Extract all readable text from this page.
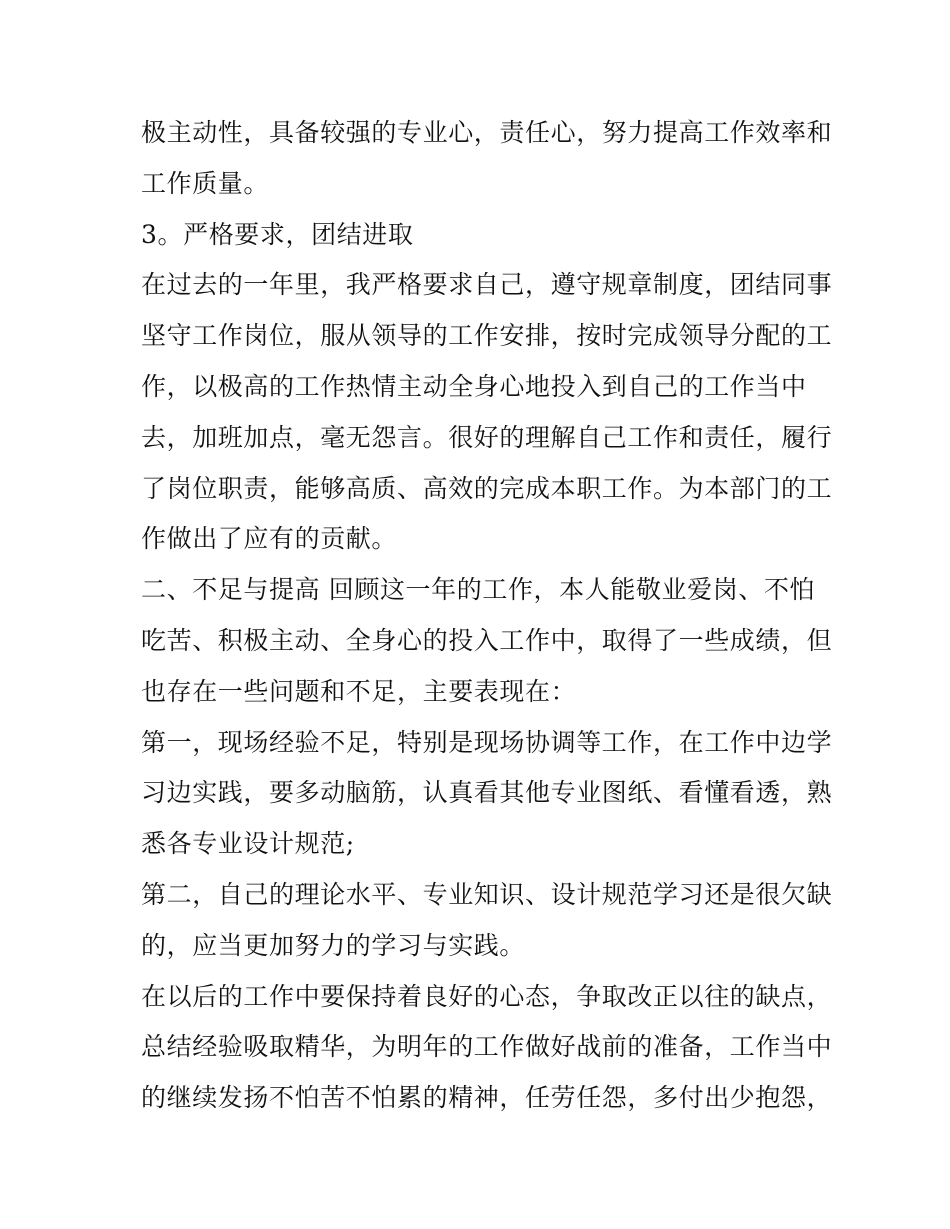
极主动性，具备较强的专业心，责任心，努力提高工作效率和
工作质量。
3。严格要求，团结进取
在过去的一年里，我严格要求自己，遵守规章制度，团结同事
坚守工作岗位，服从领导的工作安排，按时完成领导分配的工
作，以极高的工作热情主动全身心地投入到自己的工作当中
去，加班加点，毫无怨言。很好的理解自己工作和责任，履行
了岗位职责，能够高质、高效的完成本职工作。为本部门的工
作做出了应有的贡献。
二、不足与提高 回顾这一年的工作，本人能敬业爱岗、不怕
吃苦、积极主动、全身心的投入工作中，取得了一些成绩，但
也存在一些问题和不足，主要表现在：
第一，现场经验不足，特别是现场协调等工作，在工作中边学
习边实践，要多动脑筋，认真看其他专业图纸、看懂看透，熟
悉各专业设计规范;
第二，自己的理论水平、专业知识、设计规范学习还是很欠缺
的，应当更加努力的学习与实践。
在以后的工作中要保持着良好的心态，争取改正以往的缺点，
总结经验吸取精华，为明年的工作做好战前的准备，工作当中
的继续发扬不怕苦不怕累的精神，任劳任怨，多付出少抱怨，
